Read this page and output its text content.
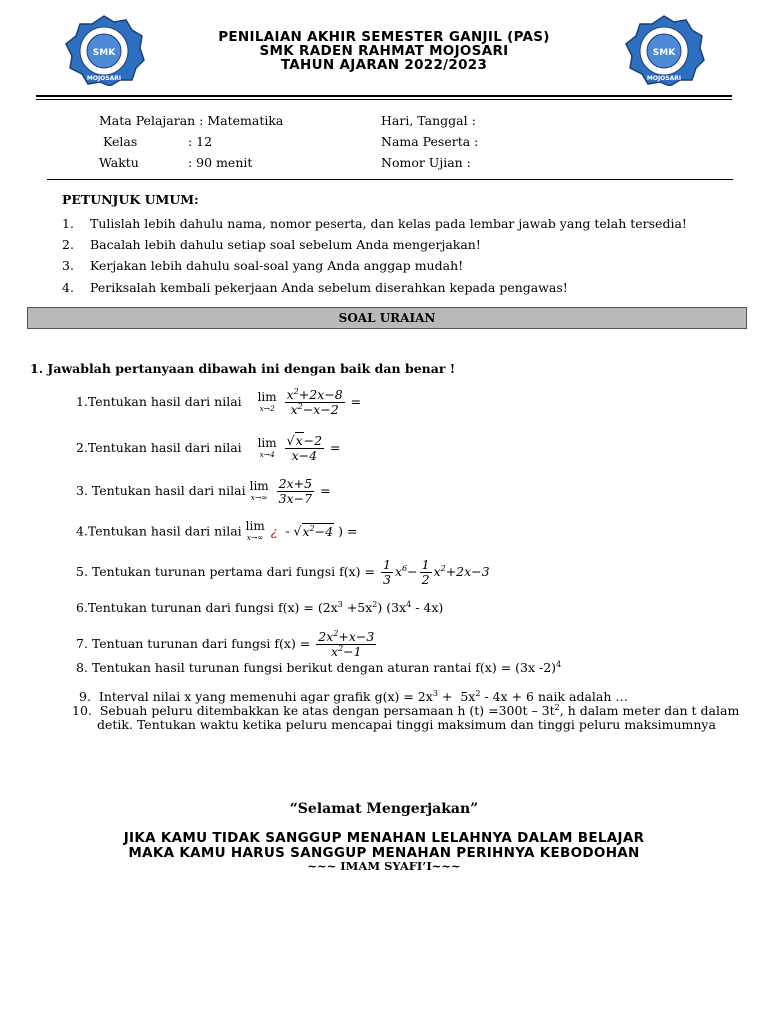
SMK
MOJOSARI
SMK
MOJOSARI
PENILAIAN AKHIR SEMESTER GANJIL (PAS)
SMK RADEN RAHMAT MOJOSARI
TAHUN AJARAN 2022/2023
Mata Pelajaran : Matematika
Kelas	: 12
Waktu	: 90 menit
Hari, Tanggal :
Nama Peserta :
Nomor Ujian :
PETUNJUK UMUM:
1. Tulislah lebih dahulu nama, nomor peserta, dan kelas pada lembar jawab yang telah tersedia!
2. Bacalah lebih dahulu setiap soal sebelum Anda mengerjakan!
3. Kerjakan lebih dahulu soal-soal yang Anda anggap mudah!
4. Periksalah kembali pekerjaan Anda sebelum diserahkan kepada pengawas!
SOAL URAIAN
1. Jawablah pertanyaan dibawah ini dengan baik dan benar !
1.Tentukan hasil dari nilai lim
x→2
$\frac{x^2+2x-8}{x^2-x-2}$ =
2.Tentukan hasil dari nilai lim
x→4
$\frac{√x-2}{x-4}$ =
3. Tentukan hasil dari nilai lim
x→∞
$\frac{2x+5}{3x-7}$ =
4.Tentukan hasil dari nilai lim
x→∞ ¿  - $√x^2-4$ ) =
5. Tentukan turunan pertama dari fungsi $f(x) = \frac{1}{3} x^6- \frac{1}{2} x^2+2x-3$
6.Tentukan turunan dari fungsi $f(x) = (2x^3 +5x^2)$ $(3x^4 - 4x)$
7. Tentuan turunan dari fungsi $f(x) = \frac{2x^2+x-3}{x^2-1}$
8. Tentukan hasil turunan fungsi berikut dengan aturan rantai f(x) = (3x -2)$^4$
9. Interval nilai x yang memenuhi agar grafik $g(x) = 2x^3 + 5x^2 - 4x + 6$ naik adalah …
10. Sebuah peluru ditembakkan ke atas dengan persamaan h $(t) =300t - 3t^2$, h dalam meter dan t dalam
detik. Tentukan waktu ketika peluru mencapai tinggi maksimum dan tinggi peluru maksimumnya
“Selamat Mengerjakan”
JIKA KAMU TIDAK SANGGUP MENAHAN LELAHNYA DALAM BELAJAR
MAKA KAMU HARUS SANGGUP MENAHAN PERIHNYA KEBODOHAN
~~~ IMAM SYAFI’I~~~
